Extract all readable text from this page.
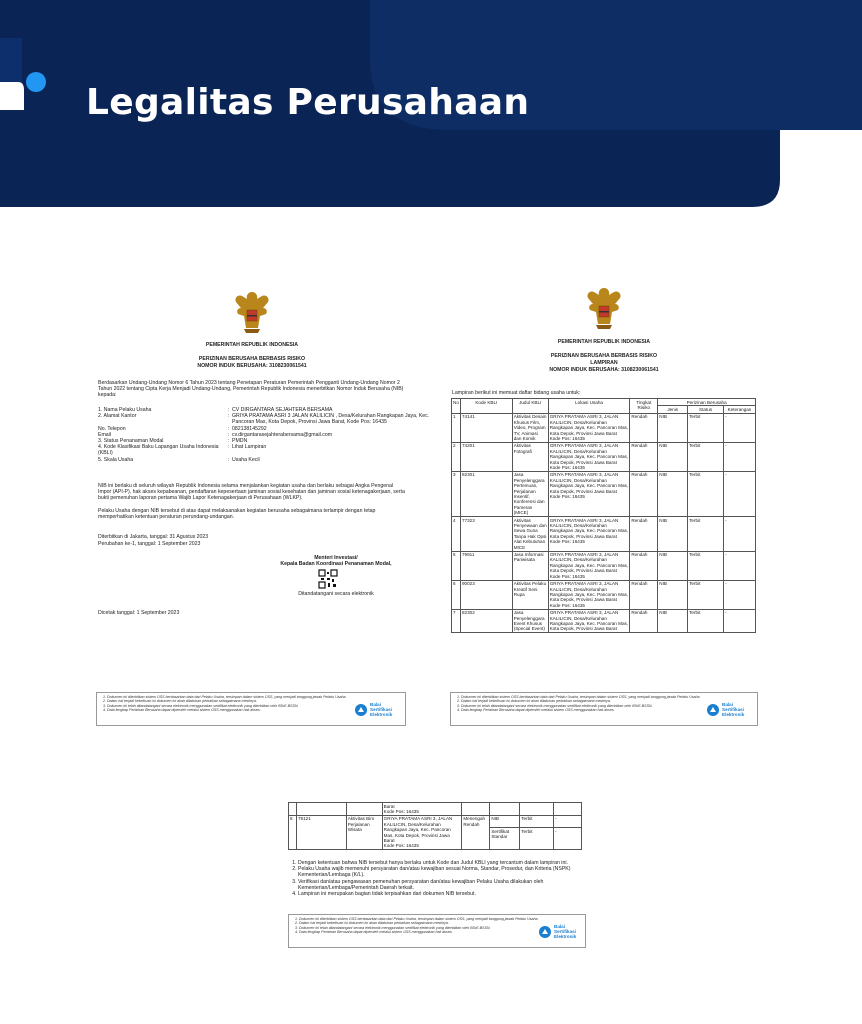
Legalitas Perusahaan
PEMERINTAH REPUBLIK INDONESIA
PERIZINAN BERUSAHA BERBASIS RISIKO
NOMOR INDUK BERUSAHA: 3108230061541
Berdasarkan Undang-Undang Nomor 6 Tahun 2023 tentang Penetapan Peraturan Pemerintah Pengganti Undang-Undang Nomor 2 Tahun 2022 tentang Cipta Kerja Menjadi Undang-Undang, Pemerintah Republik Indonesia menerbitkan Nomor Induk Berusaha (NIB) kepada:
1. Nama Pelaku Usaha	: CV DIRGANTARA SEJAHTERA BERSAMA
2. Alamat Kantor	: GRIYA PRATAMA ASRI 3 JALAN KALILICIN , Desa/Kelurahan Rangkapan Jaya, Kec. Pancoran Mas, Kota Depok, Provinsi Jawa Barat, Kode Pos: 16435
No. Telepon	: 082138145292
Email	: cv.dirgantarasejahterabersama@gmail.com
3. Status Penanaman Modal	: PMDN
4. Kode Klasifikasi Baku Lapangan Usaha Indonesia (KBLI)
: Lihat Lampiran
5. Skala Usaha	: Usaha Kecil
NIB ini berlaku di seluruh wilayah Republik Indonesia selama menjalankan kegiatan usaha dan berlaku sebagai Angka Pengenal Impor (API-P), hak akses kepabeanan, pendaftaran kepesertaan jaminan sosial kesehatan dan jaminan sosial ketenagakerjaan, serta bukti pemenuhan laporan pertama Wajib Lapor Ketenagakerjaan di Perusahaan (WLKP).
Pelaku Usaha dengan NIB tersebut di atas dapat melaksanakan kegiatan berusaha sebagaimana terlampir dengan tetap memperhatikan ketentuan peraturan perundang-undangan.
Diterbitkan di Jakarta, tanggal: 31 Agustus 2023
Perubahan ke-1, tanggal: 1 September 2023
Menteri Investasi/
Kepala Badan Koordinasi Penanaman Modal,
Ditandatangani secara elektronik
Dicetak tanggal: 1 September 2023
1. Dokumen ini diterbitkan sistem OSS berdasarkan data dari Pelaku Usaha, tersimpan dalam sistem OSS, yang menjadi tanggung jawab Pelaku Usaha.
2. Dalam hal terjadi kekeliruan isi dokumen ini akan dilakukan perbaikan sebagaimana mestinya.
3. Dokumen ini telah ditandatangani secara elektronik menggunakan sertifikat elektronik yang diterbitkan oleh BSrE-BSSN.
4. Data lengkap Perizinan Berusaha dapat diperoleh melalui sistem OSS menggunakan hak akses.
Balai
Sertifikasi
Elektronik
PEMERINTAH REPUBLIK INDONESIA
PERIZINAN BERUSAHA BERBASIS RISIKO
LAMPIRAN
NOMOR INDUK BERUSAHA: 3108230061541
Lampiran berikut ini memuat daftar bidang usaha untuk:
No	Kode KBLI	Judul KBLI	Lokasi Usaha	Tingkat Risiko	Perizinan Berusaha		
					Jenis	Status	Keterangan
1	74141	Aktivitas Desain Khusus Film, Video, Program TV, Animasi dan Komik	GRIYA PRATAMA ASRI 3, JALAN KALILICIN, Desa/Kelurahan Rangkapan Jaya, Kec. Pancoran Mas, Kota Depok, Provinsi Jawa Barat
Kode Pos: 16435	Rendah	NIB	Terbit	-
2	74201	Aktivitas Fotografi	GRIYA PRATAMA ASRI 3, JALAN KALILICIN, Desa/Kelurahan Rangkapan Jaya, Kec. Pancoran Mas, Kota Depok, Provinsi Jawa Barat
Kode Pos: 16435	Rendah	NIB	Terbit	-
3	82301	Jasa Penyelenggara Pertemuan, Perjalanan Insentif, Konferensi dan Pameran (MICE)	GRIYA PRATAMA ASRI 3, JALAN KALILICIN, Desa/Kelurahan Rangkapan Jaya, Kec. Pancoran Mas, Kota Depok, Provinsi Jawa Barat
Kode Pos: 16435	Rendah	NIB	Terbit	-
4	77323	Aktivitas Penyewaan dan Sewa Guna Tanpa Hak Opsi Alat Kebutuhan MICE	GRIYA PRATAMA ASRI 3, JALAN KALILICIN, Desa/Kelurahan Rangkapan Jaya, Kec. Pancoran Mas, Kota Depok, Provinsi Jawa Barat
Kode Pos: 16435	Rendah	NIB	Terbit	-
5	79911	Jasa Informasi Pariwisata	GRIYA PRATAMA ASRI 3, JALAN KALILICIN, Desa/Kelurahan Rangkapan Jaya, Kec. Pancoran Mas, Kota Depok, Provinsi Jawa Barat
Kode Pos: 16435	Rendah	NIB	Terbit	-
6	90023	Aktivitas Pelaku Kreatif Seni Rupa	GRIYA PRATAMA ASRI 3, JALAN KALILICIN, Desa/Kelurahan Rangkapan Jaya, Kec. Pancoran Mas, Kota Depok, Provinsi Jawa Barat
Kode Pos: 16435	Rendah	NIB	Terbit	-
7	82302	Jasa Penyelenggara Event Khusus (Special Event)	GRIYA PRATAMA ASRI 3, JALAN KALILICIN, Desa/Kelurahan Rangkapan Jaya, Kec. Pancoran Mas, Kota Depok, Provinsi Jawa Barat	Rendah	NIB	Terbit	-
1. Dokumen ini diterbitkan sistem OSS berdasarkan data dari Pelaku Usaha, tersimpan dalam sistem OSS, yang menjadi tanggung jawab Pelaku Usaha.
2. Dalam hal terjadi kekeliruan isi dokumen ini akan dilakukan perbaikan sebagaimana mestinya.
3. Dokumen ini telah ditandatangani secara elektronik menggunakan sertifikat elektronik yang diterbitkan oleh BSrE-BSSN.
4. Data lengkap Perizinan Berusaha dapat diperoleh melalui sistem OSS menggunakan hak akses.
Balai
Sertifikasi
Elektronik
			Barat
Kode Pos: 16435				
8	79121	Aktivitas Biro Perjalanan Wisata	GRIYA PRATAMA ASRI 3, JALAN KALILICIN, Desa/Kelurahan Rangkapan Jaya, Kec. Pancoran Mas, Kota Depok, Provinsi Jawa Barat
Kode Pos: 16435	Menengah Rendah	NIB	Terbit	-
					Sertifikat Standar	Terbit	-
1. Dengan ketentuan bahwa NIB tersebut hanya berlaku untuk Kode dan Judul KBLI yang tercantum dalam lampiran ini.
2. Pelaku Usaha wajib memenuhi persyaratan dan/atau kewajiban sesuai Norma, Standar, Prosedur, dan Kriteria (NSPK) Kementerian/Lembaga (K/L).
3. Verifikasi dan/atau pengawasan pemenuhan persyaratan dan/atau kewajiban Pelaku Usaha dilakukan oleh Kementerian/Lembaga/Pemerintah Daerah terkait.
4. Lampiran ini merupakan bagian tidak terpisahkan dari dokumen NIB tersebut.
1. Dokumen ini diterbitkan sistem OSS berdasarkan data dari Pelaku Usaha, tersimpan dalam sistem OSS, yang menjadi tanggung jawab Pelaku Usaha.
2. Dalam hal terjadi kekeliruan isi dokumen ini akan dilakukan perbaikan sebagaimana mestinya.
3. Dokumen ini telah ditandatangani secara elektronik menggunakan sertifikat elektronik yang diterbitkan oleh BSrE-BSSN.
4. Data lengkap Perizinan Berusaha dapat diperoleh melalui sistem OSS menggunakan hak akses.
Balai
Sertifikasi
Elektronik
